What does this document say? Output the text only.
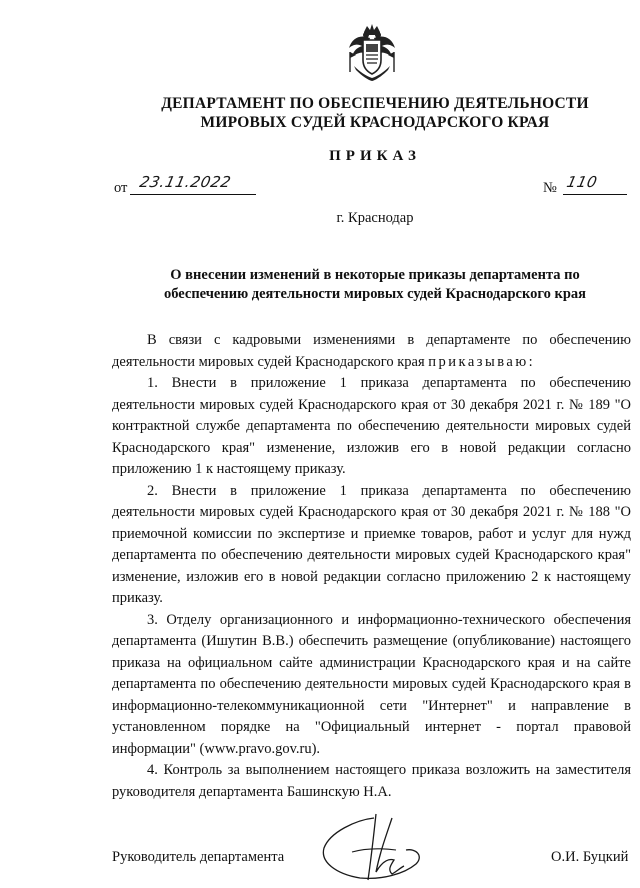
ДЕПАРТАМЕНТ ПО ОБЕСПЕЧЕНИЮ ДЕЯТЕЛЬНОСТИ
МИРОВЫХ СУДЕЙ КРАСНОДАРСКОГО КРАЯ
ПРИКАЗ
от 23.11.2022	№ 110
г. Краснодар
О внесении изменений в некоторые приказы департамента по
обеспечению деятельности мировых судей Краснодарского края

В связи с кадровыми изменениями в департаменте по обеспечению деятельности мировых судей Краснодарского края приказываю:

1. Внести в приложение 1 приказа департамента по обеспечению деятельности мировых судей Краснодарского края от 30 декабря 2021 г. № 189 "О контрактной службе департамента по обеспечению деятельности мировых судей Краснодарского края" изменение, изложив его в новой редакции согласно приложению 1 к настоящему приказу.

2. Внести в приложение 1 приказа департамента по обеспечению деятельности мировых судей Краснодарского края от 30 декабря 2021 г. № 188 "О приемочной комиссии по экспертизе и приемке товаров, работ и услуг для нужд департамента по обеспечению деятельности мировых судей Краснодарского края" изменение, изложив его в новой редакции согласно приложению 2 к настоящему приказу.

3. Отделу организационного и информационно-технического обеспечения департамента (Ишутин В.В.) обеспечить размещение (опубликование) настоящего приказа на официальном сайте администрации Краснодарского края и на сайте департамента по обеспечению деятельности мировых судей Краснодарского края в информационно-телекоммуникационной сети "Интернет" и направление в установленном порядке на "Официальный интернет - портал правовой информации" (www.pravo.gov.ru).

4. Контроль за выполнением настоящего приказа возложить на заместителя руководителя департамента Башинскую Н.А.

Руководитель департамента	О.И. Буцкий
